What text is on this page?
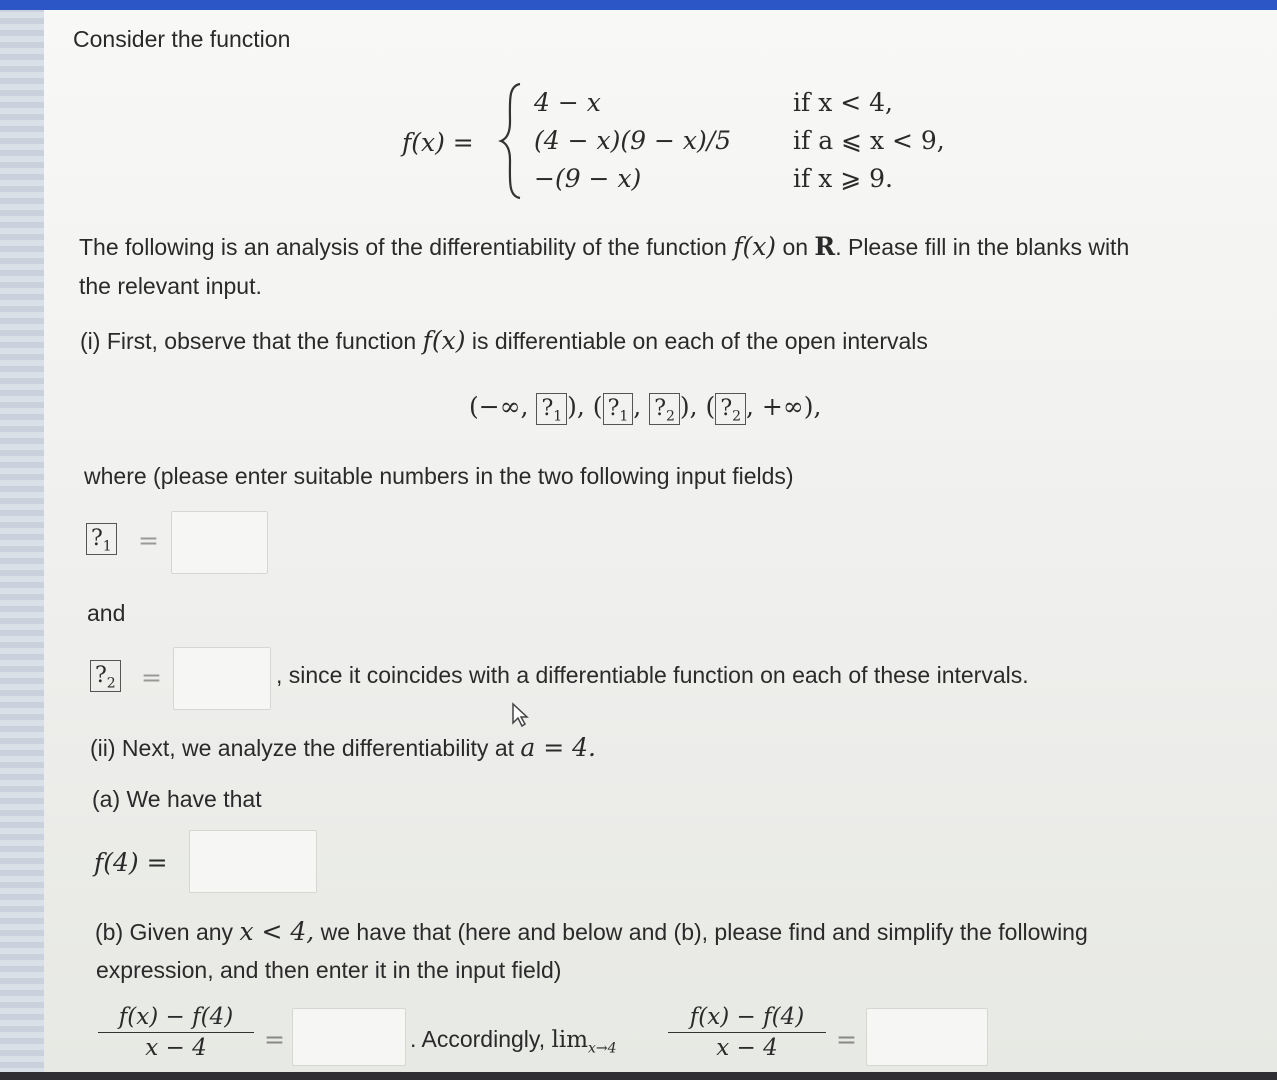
Consider the function
f(x) =
4 − x
(4 − x)(9 − x)/5
−(9 − x)
if x < 4,
if a ⩽ x < 9,
if x ⩾ 9.
The following is an analysis of the differentiability of the function f(x) on R. Please fill in the blanks with
the relevant input.
(i) First, observe that the function f(x) is differentiable on each of the open intervals
(−∞, $?_1$ ), ( $?_1$ , $?_2$ ), ( $?_2$ , +∞),
where (please enter suitable numbers in the two following input fields)
$?_1$ =
and
$?_2$ =	, since it coincides with a differentiable function on each of these intervals.
(ii) Next, we analyze the differentiability at a = 4.
(a) We have that
f(4) =
(b) Given any x < 4, we have that (here and below and (b), please find and simplify the following
expression, and then enter it in the input field)
$\frac{f(x) - f(4)}{x - 4}$ =	. Accordingly, $\lim_{x\to 4} \frac{f(x) - f(4)}{x - 4}$ =
